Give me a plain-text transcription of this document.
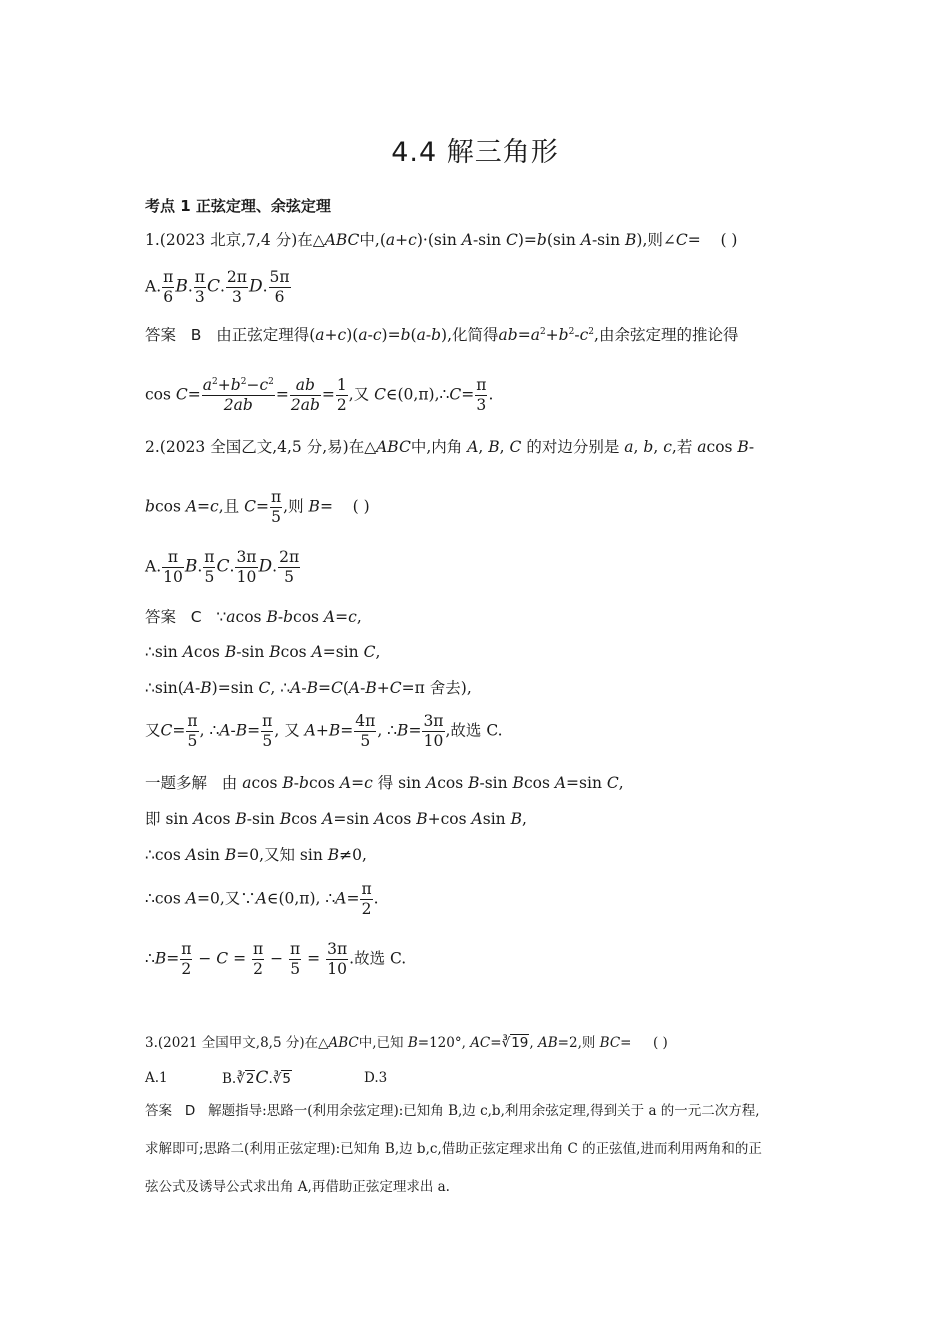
4.4 解三角形
考点 1 正弦定理、余弦定理
1.(2023 北京,7,4 分)在△ABC中,(a+c)·(sin A-sin C)=b(sin A-sin B),则∠C=    ( )
A. $\frac{\pi}{6} B$. $\frac{\pi}{3} C$. $\frac{2\pi}{3} D$. $\frac{5\pi}{6}$
答案 B 由正弦定理得(a+c)(a-c)=b(a-b),化简得$ab=a^2+b^2-c^2$,由余弦定理的推论得
$\cos C= \frac{a^2+b^2-c^2}{2ab} = \frac{ab}{2ab} = \frac{1}{2}$ ,又 C∈(0,π),∴C= $\frac{\pi}{3}$ .
2.(2023 全国乙文,4,5 分,易)在△ABC中,内角 A, B, C 的对边分别是 a, b, c,若 acos B-
bcos A=c,且 $C= \frac{\pi}{5}$ ,则 B=    ( )
A. $\frac{\pi}{10} B$. $\frac{\pi}{5} C$. $\frac{3\pi}{10} D$. $\frac{2\pi}{5}$
答案 C ∵acos B-bcos A=c,
∴sin Acos B-sin Bcos A=sin C,
∴sin(A-B)=sin C, ∴A-B=C(A-B+C=π 舍去),
又$C= \frac{\pi}{5}$ , ∴A-B= $\frac{\pi}{5}$ , 又 $A+B= \frac{4\pi}{5}$ , ∴B= $\frac{3\pi}{10}$ ,故选 C.
一题多解 由 acos B-bcos A=c 得 sin Acos B-sin Bcos A=sin C,
即 sin Acos B-sin Bcos A=sin Acos B+cos Asin B,
∴cos Asin B=0,又知 sin B≠0,
∴cos A=0,又∵A∈(0,π), ∴A= $\frac{\pi}{2}$ .
∴B= $\frac{\pi}{2} - C = \frac{\pi}{2} - \frac{\pi}{5} = \frac{3\pi}{10}$ .故选 C.
3.(2021 全国甲文,8,5 分)在△ABC中,已知 B=120°, AC=∛19, AB=2,则 BC=     ( )
A.1	B.∛2C.∛5	D.3
答案 D 解题指导:思路一(利用余弦定理):已知角 B,边 c,b,利用余弦定理,得到关于 a 的一元二次方程,
求解即可;思路二(利用正弦定理):已知角 B,边 b,c,借助正弦定理求出角 C 的正弦值,进而利用两角和的正
弦公式及诱导公式求出角 A,再借助正弦定理求出 a.
